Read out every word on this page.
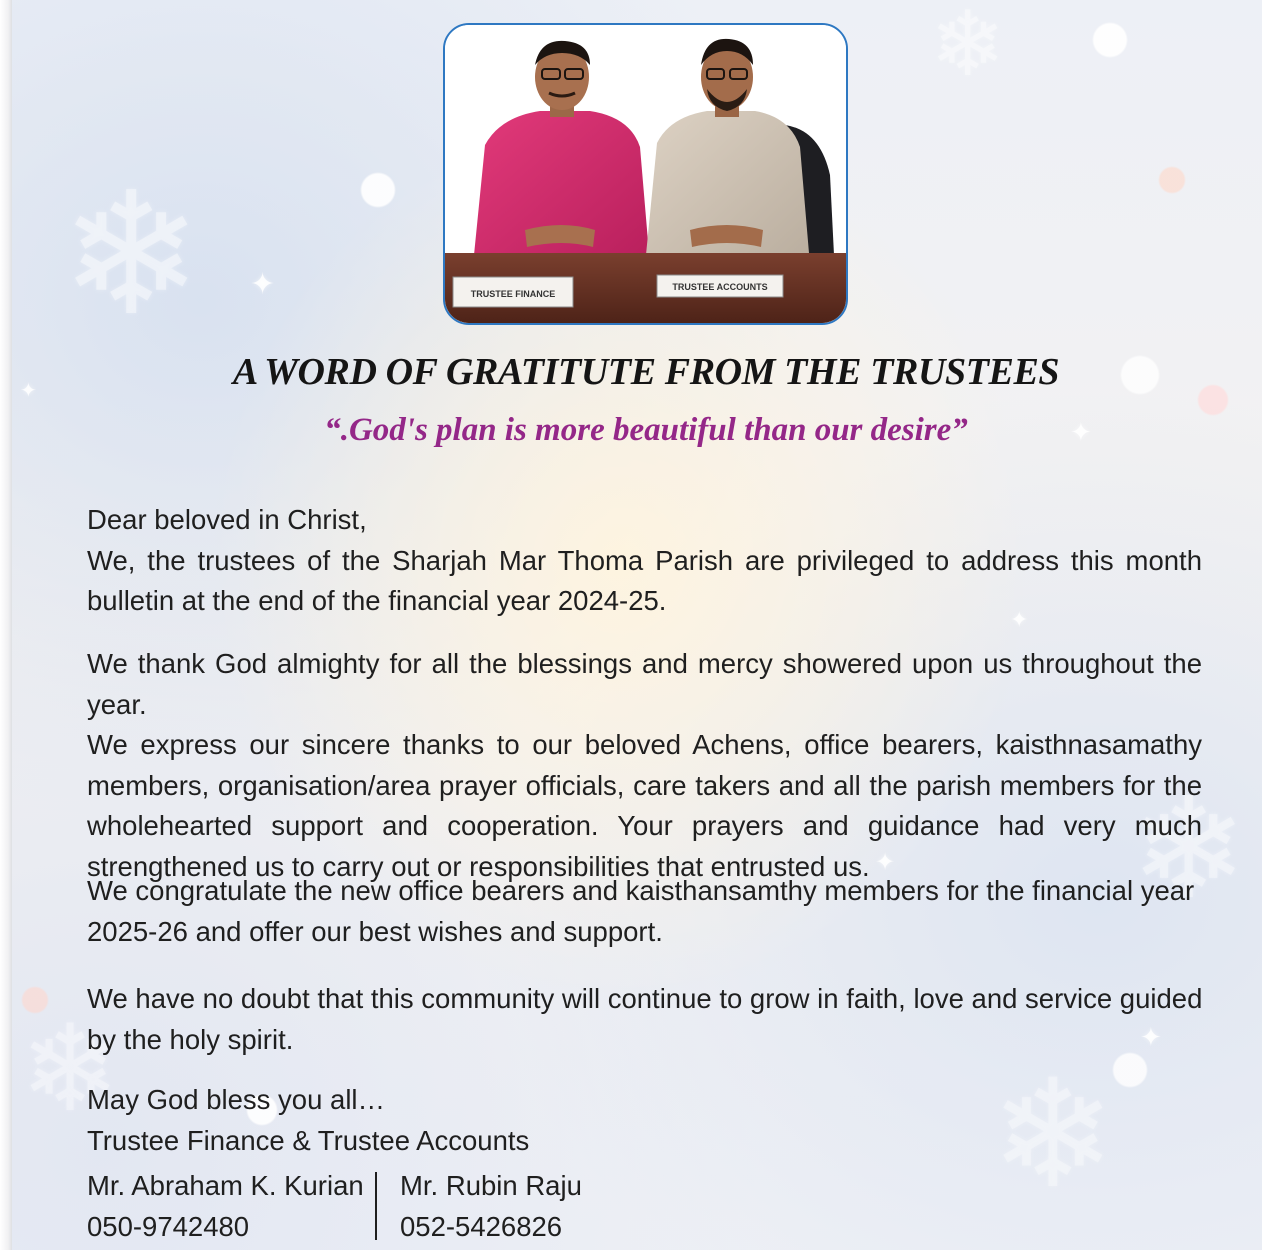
❄
❄
❄
❄
❄
✦
✦
✦
✦
✦
✦
TRUSTEE FINANCE
TRUSTEE ACCOUNTS
A WORD OF GRATITUTE FROM THE TRUSTEES
“.God's plan is more beautiful than our desire”
Dear beloved in Christ,
We, the trustees of the Sharjah Mar Thoma Parish are privileged to address this month
bulletin at the end of the financial year 2024-25.
We thank God almighty for all the blessings and mercy showered upon us throughout the year.
We express our sincere thanks to our beloved Achens, office bearers, kaisthnasamathy
members, organisation/area prayer officials, care takers and all the parish members for the
wholehearted support and cooperation. Your prayers and guidance had very much
strengthened us to carry out or responsibilities that entrusted us.
We congratulate the new office bearers and kaisthansamthy members for the financial year
2025-26 and offer our best wishes and support.
We have no doubt that this community will continue to grow in faith, love and service guided
by the holy spirit.
May God bless you all…
Trustee Finance & Trustee Accounts
Mr. Abraham K. Kurian
050-9742480
Mr. Rubin Raju
052-5426826
